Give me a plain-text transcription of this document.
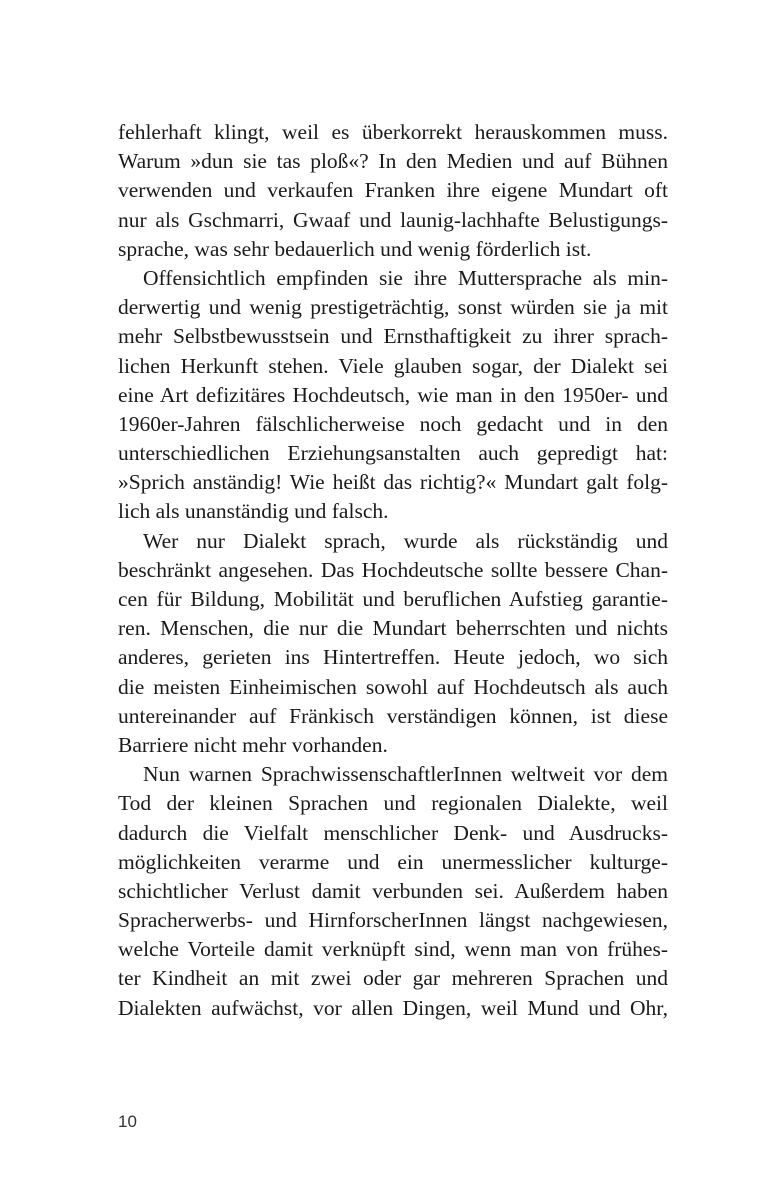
fehlerhaft klingt, weil es überkorrekt herauskommen muss.
Warum »dun sie tas ploß«? In den Medien und auf Bühnen
verwenden und verkaufen Franken ihre eigene Mundart oft
nur als Gschmarri, Gwaaf und launig-lachhafte Belustigungs-
sprache, was sehr bedauerlich und wenig förderlich ist.
Offensichtlich empfinden sie ihre Muttersprache als min-
derwertig und wenig prestigeträchtig, sonst würden sie ja mit
mehr Selbstbewusstsein und Ernsthaftigkeit zu ihrer sprach-
lichen Herkunft stehen. Viele glauben sogar, der Dialekt sei
eine Art defizitäres Hochdeutsch, wie man in den 1950er- und
1960er-Jahren fälschlicherweise noch gedacht und in den
unterschiedlichen Erziehungsanstalten auch gepredigt hat:
»Sprich anständig! Wie heißt das richtig?« Mundart galt folg-
lich als unanständig und falsch.
Wer nur Dialekt sprach, wurde als rückständig und
beschränkt angesehen. Das Hochdeutsche sollte bessere Chan-
cen für Bildung, Mobilität und beruflichen Aufstieg garantie-
ren. Menschen, die nur die Mundart beherrschten und nichts
anderes, gerieten ins Hintertreffen. Heute jedoch, wo sich
die meisten Einheimischen sowohl auf Hochdeutsch als auch
untereinander auf Fränkisch verständigen können, ist diese
Barriere nicht mehr vorhanden.
Nun warnen SprachwissenschaftlerInnen weltweit vor dem
Tod der kleinen Sprachen und regionalen Dialekte, weil
dadurch die Vielfalt menschlicher Denk- und Ausdrucks-
möglichkeiten verarme und ein unermesslicher kulturge-
schichtlicher Verlust damit verbunden sei. Außerdem haben
Spracherwerbs- und HirnforscherInnen längst nachgewiesen,
welche Vorteile damit verknüpft sind, wenn man von frühes-
ter Kindheit an mit zwei oder gar mehreren Sprachen und
Dialekten aufwächst, vor allen Dingen, weil Mund und Ohr,
10
